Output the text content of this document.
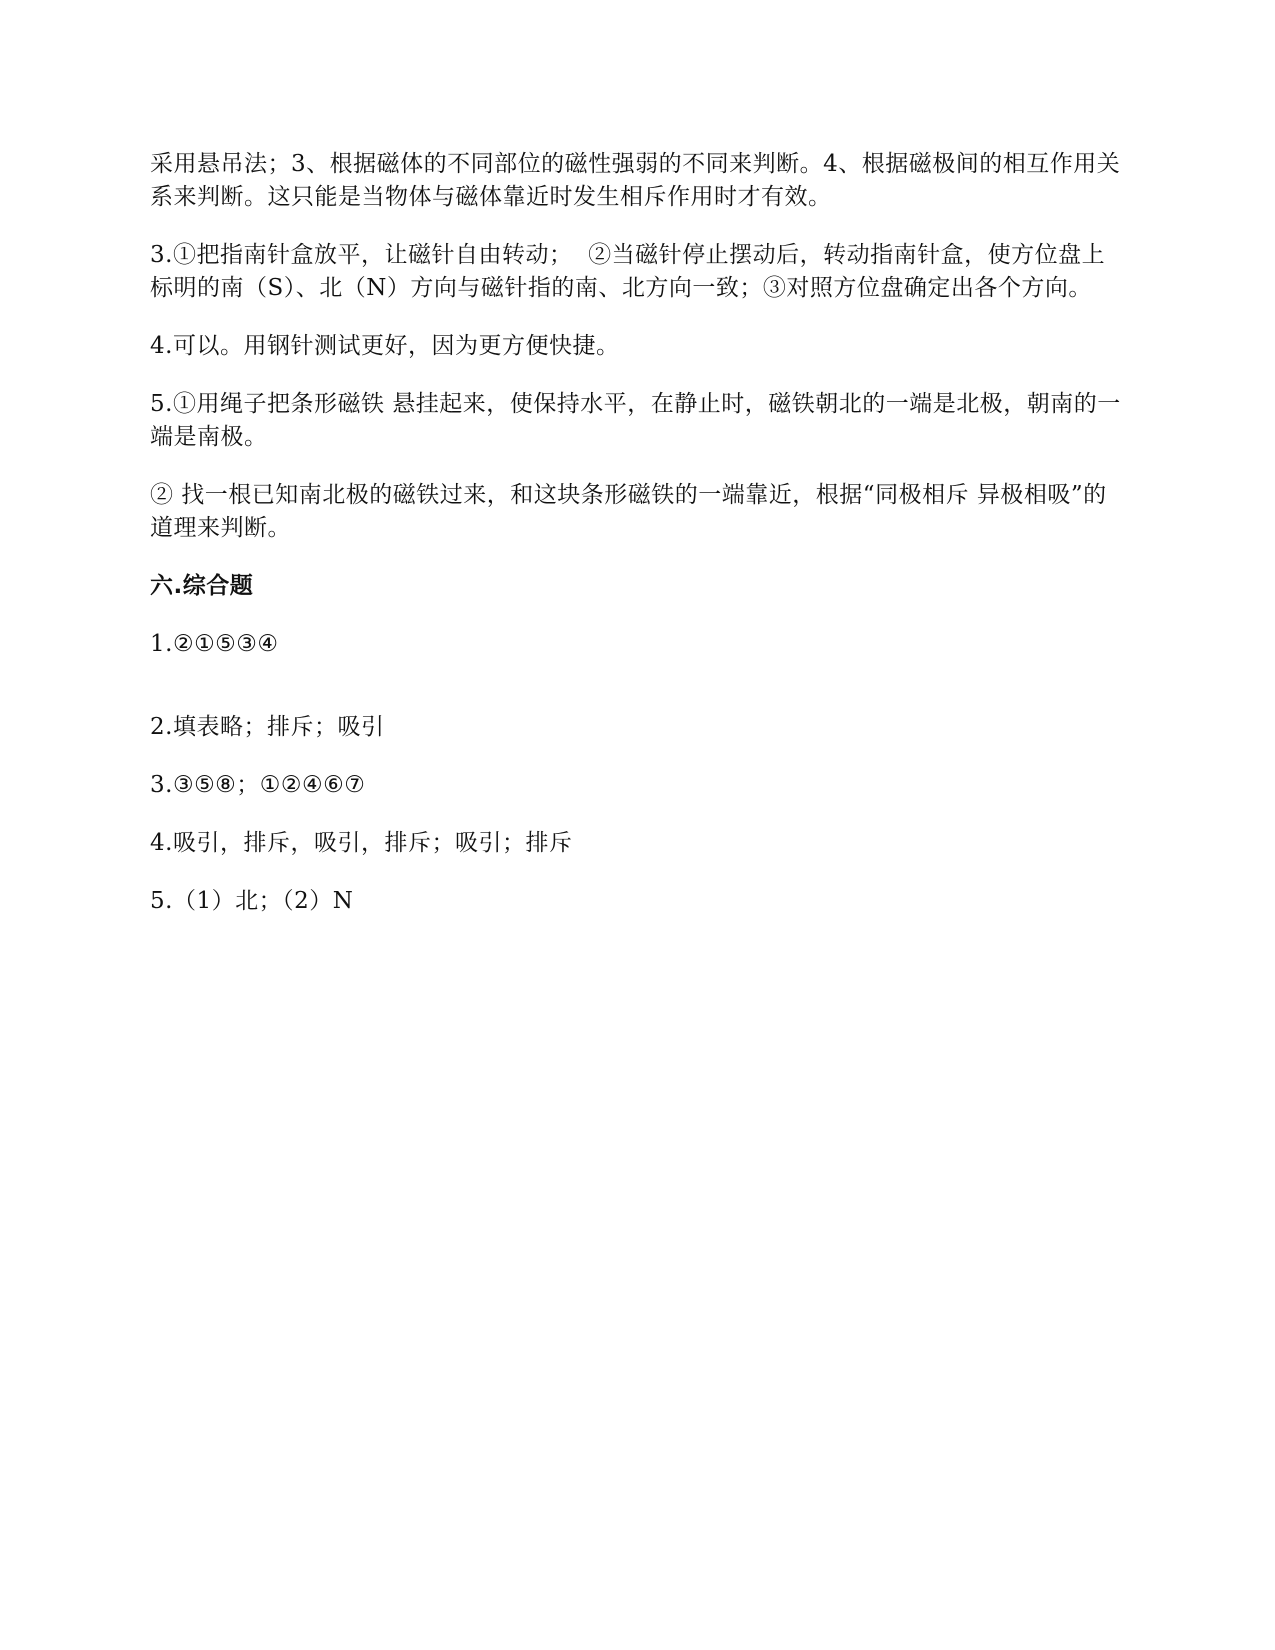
采用悬吊法；3、根据磁体的不同部位的磁性强弱的不同来判断。4、根据磁极间的相互作用关系来判断。这只能是当物体与磁体靠近时发生相斥作用时才有效。

3.①把指南针盒放平，让磁针自由转动；  ②当磁针停止摆动后，转动指南针盒，使方位盘上标明的南（S）、北（N）方向与磁针指的南、北方向一致；③对照方位盘确定出各个方向。

4.可以。用钢针测试更好，因为更方便快捷。

5.①用绳子把条形磁铁 悬挂起来，使保持水平，在静止时，磁铁朝北的一端是北极，朝南的一端是南极。

② 找一根已知南北极的磁铁过来，和这块条形磁铁的一端靠近，根据“同极相斥 异极相吸”的道理来判断。

六.综合题

1.②①⑤③④

2.填表略；排斥；吸引

3.③⑤⑧；①②④⑥⑦

4.吸引，排斥，吸引，排斥；吸引；排斥

5.（1）北；（2）N
